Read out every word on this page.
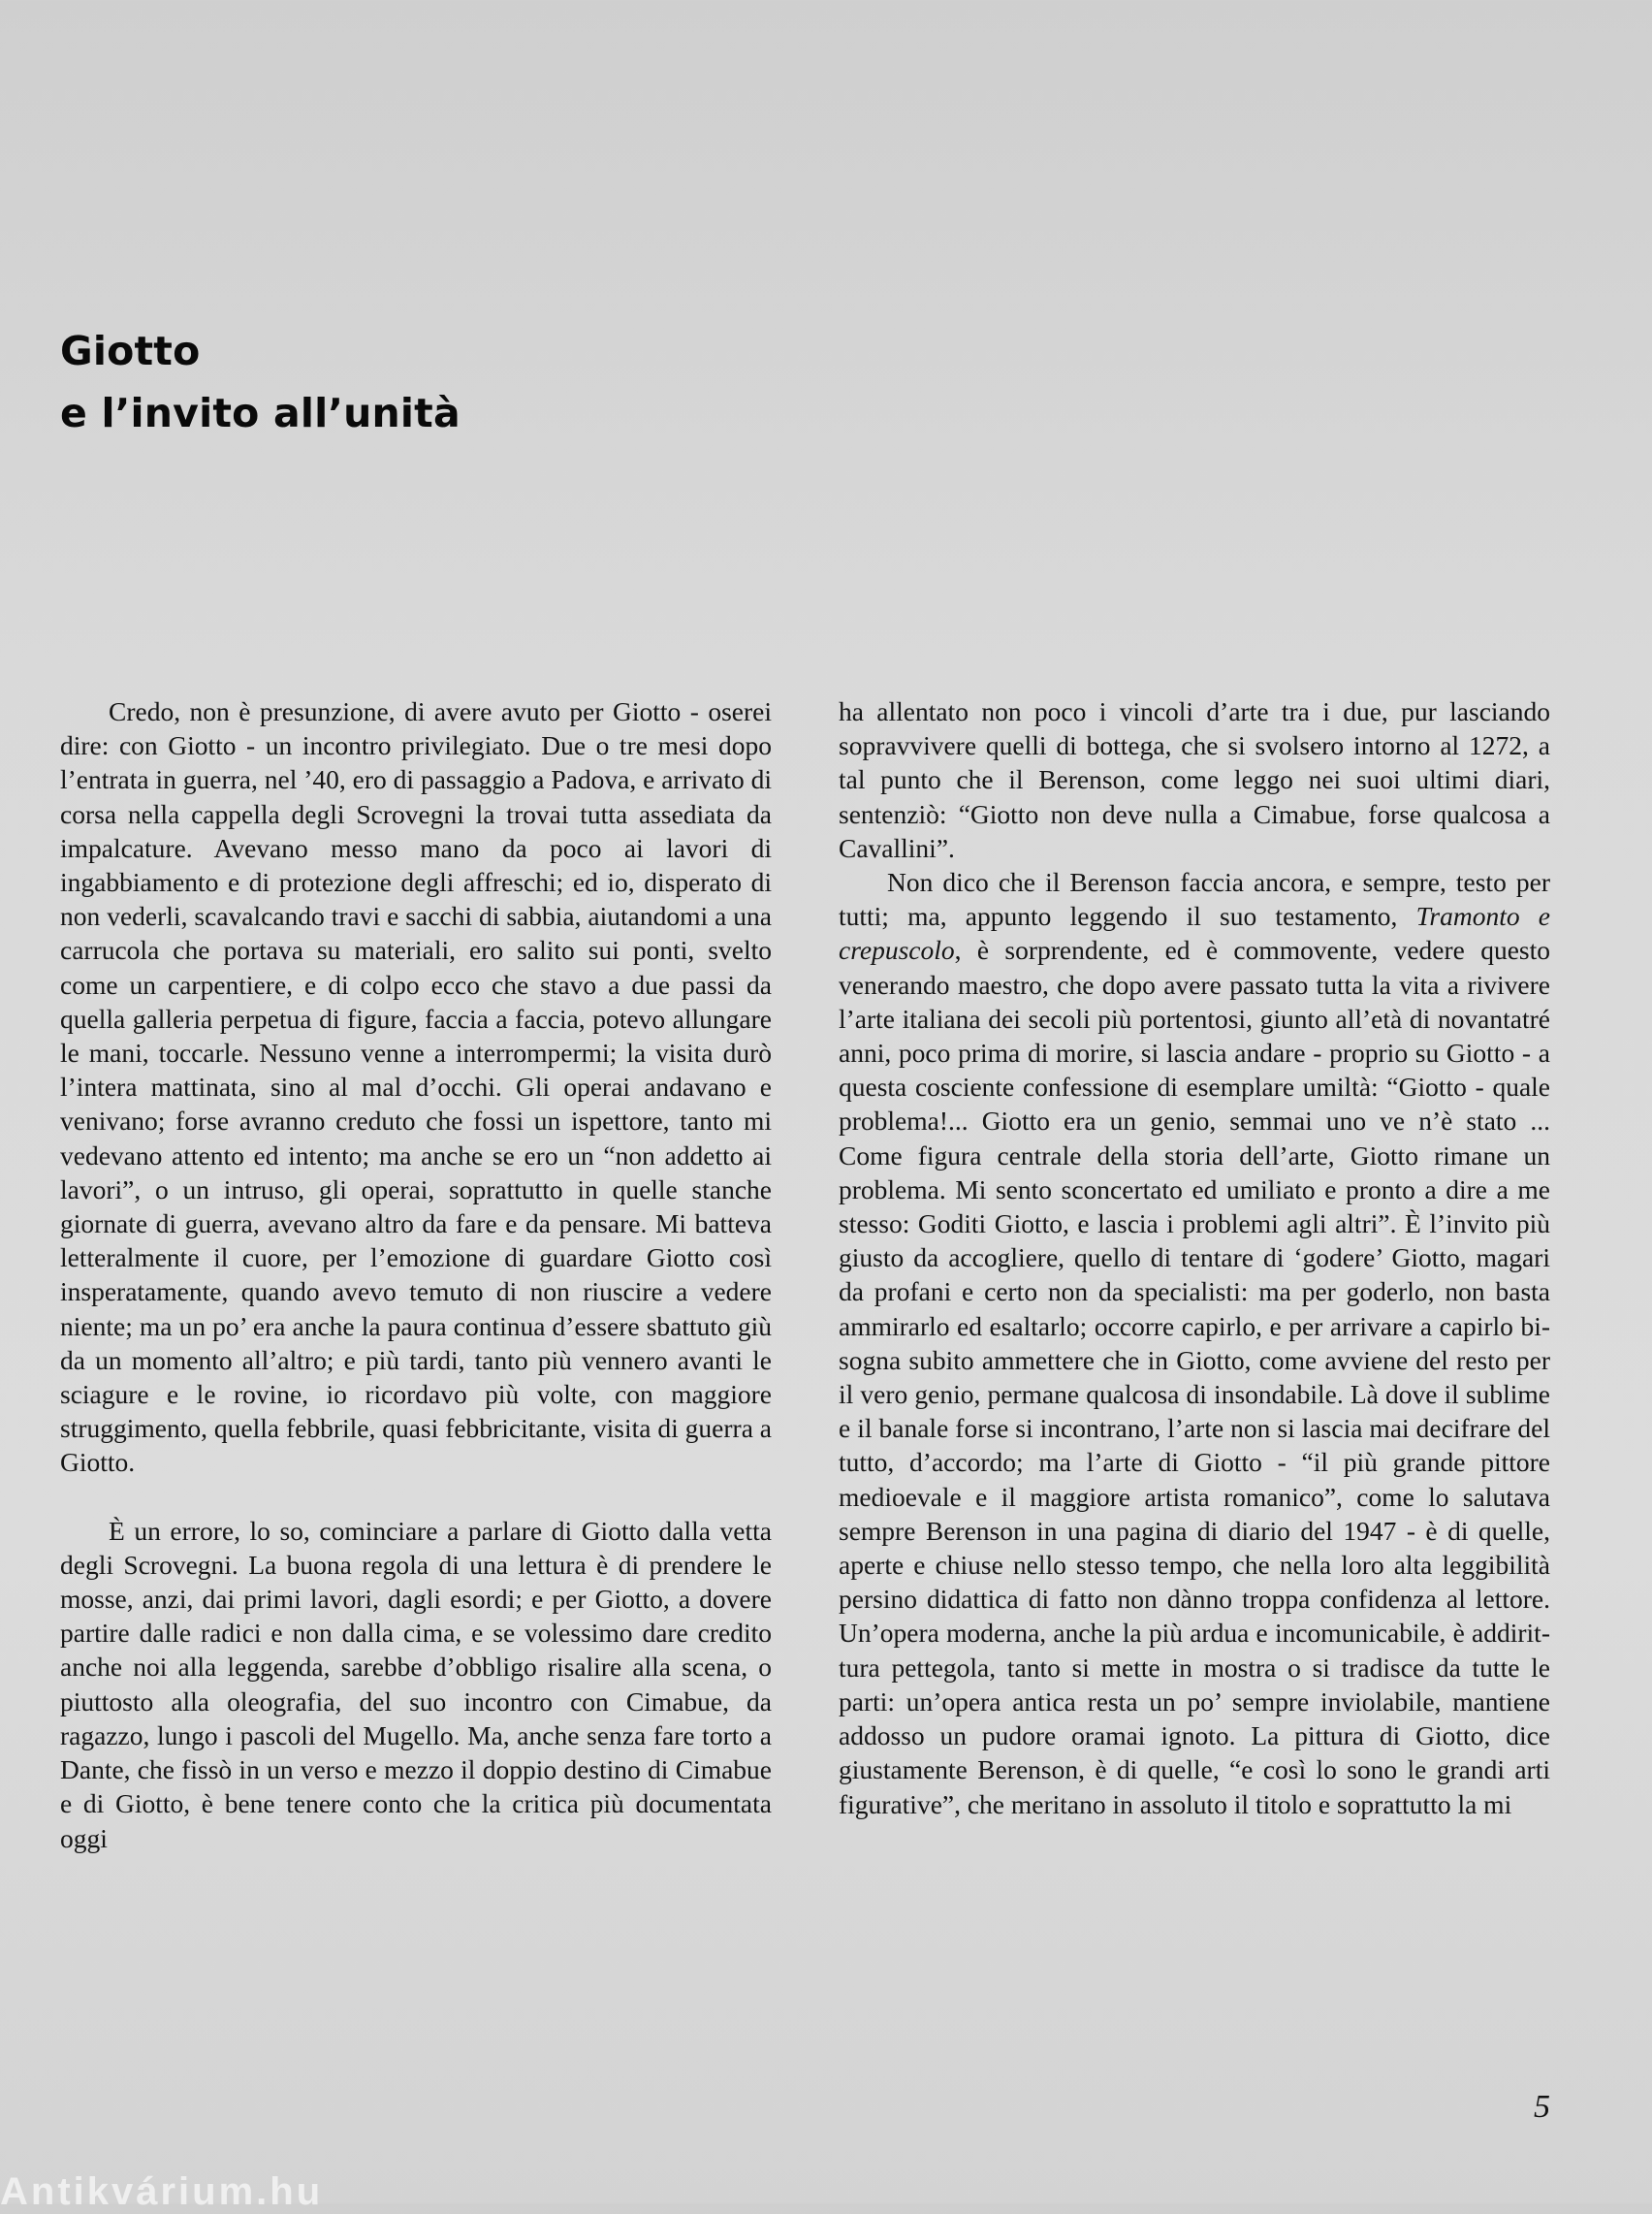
Giotto
e l’invito all’unità

Credo, non è presunzione, di avere avuto per Giotto - oserei dire: con Giotto - un incontro privilegiato. Due o tre mesi dopo l’entrata in guerra, nel ’40, ero di passaggio a Padova, e arrivato di corsa nella cappella degli Scrovegni la trovai tutta assediata da impalcature. Avevano messo mano da poco ai lavori di ingabbiamento e di protezione degli affreschi; ed io, disperato di non vederli, scavalcando travi e sacchi di sabbia, aiutandomi a una carrucola che portava su materiali, ero salito sui ponti, svelto come un carpentiere, e di colpo ecco che stavo a due passi da quella galleria perpetua di figure, faccia a faccia, potevo allungare le mani, toccarle. Nessuno venne a interrompermi; la visita durò l’intera mattinata, sino al mal d’occhi. Gli operai andavano e venivano; forse avranno creduto che fossi un ispettore, tanto mi vedevano attento ed intento; ma anche se ero un “non addetto ai lavori”, o un intruso, gli operai, soprattutto in quelle stanche giornate di guerra, avevano altro da fare e da pensare. Mi batteva letteralmente il cuore, per l’emozione di guardare Giotto così insperatamente, quando avevo temuto di non riuscire a vedere niente; ma un po’ era anche la paura continua d’essere sbattuto giù da un momento all’altro; e più tardi, tanto più vennero avanti le sciagure e le rovine, io ricordavo più volte, con maggiore struggimento, quella febbrile, quasi febbricitante, visita di guerra a Giotto.

È un errore, lo so, cominciare a parlare di Giotto dalla vetta degli Scrovegni. La buona regola di una lettura è di prendere le mosse, anzi, dai primi lavori, dagli esordi; e per Giotto, a dovere partire dalle radici e non dalla cima, e se volessimo dare credito anche noi alla leggenda, sarebbe d’obbligo risalire alla scena, o piuttosto alla oleografia, del suo incontro con Cimabue, da ragazzo, lungo i pascoli del Mugello. Ma, anche senza fare torto a Dante, che fissò in un verso e mezzo il doppio destino di Cimabue e di Giotto, è bene tenere conto che la critica più documentata oggi

ha allentato non poco i vincoli d’arte tra i due, pur lasciando sopravvivere quelli di bottega, che si svolsero intorno al 1272, a tal punto che il Berenson, come leggo nei suoi ultimi diari, sentenziò: “Giotto non deve nulla a Cimabue, forse qualcosa a Cavallini”.

Non dico che il Berenson faccia ancora, e sempre, testo per tutti; ma, appunto leggendo il suo testamento, Tramonto e crepuscolo, è sorprendente, ed è commovente, vedere questo venerando maestro, che dopo avere passato tutta la vita a rivivere l’arte italiana dei secoli più portentosi, giunto all’età di novantatré anni, poco prima di morire, si lascia andare - proprio su Giotto - a questa cosciente confessione di esemplare umiltà: “Giotto - quale problema!... Giotto era un genio, semmai uno ve n’è stato ... Come figura centrale della storia dell’arte, Giotto rimane un problema. Mi sento sconcertato ed umiliato e pronto a dire a me stesso: Goditi Giotto, e lascia i problemi agli altri”. È l’invito più giusto da accogliere, quello di tentare di ‘godere’ Giotto, magari da profani e certo non da specialisti: ma per goderlo, non basta ammirarlo ed esaltarlo; occorre capirlo, e per arrivare a capirlo bisogna subito ammettere che in Giotto, come avviene del resto per il vero genio, permane qualcosa di insondabile. Là dove il sublime e il banale forse si incontrano, l’arte non si lascia mai decifrare del tutto, d’accordo; ma l’arte di Giotto - “il più grande pittore medioevale e il maggiore artista romanico”, come lo salutava sempre Berenson in una pagina di diario del 1947 - è di quelle, aperte e chiuse nello stesso tempo, che nella loro alta leggibilità persino didattica di fatto non dànno troppa confidenza al lettore. Un’opera moderna, anche la più ardua e incomunicabile, è addirittura pettegola, tanto si mette in mostra o si tradisce da tutte le parti: un’opera antica resta un po’ sempre inviolabile, mantiene addosso un pudore oramai ignoto. La pittura di Giotto, dice giustamente Berenson, è di quelle, “e così lo sono le grandi arti figurative”, che meritano in assoluto il titolo e soprattutto la mi

5
Antikvárium.hu
